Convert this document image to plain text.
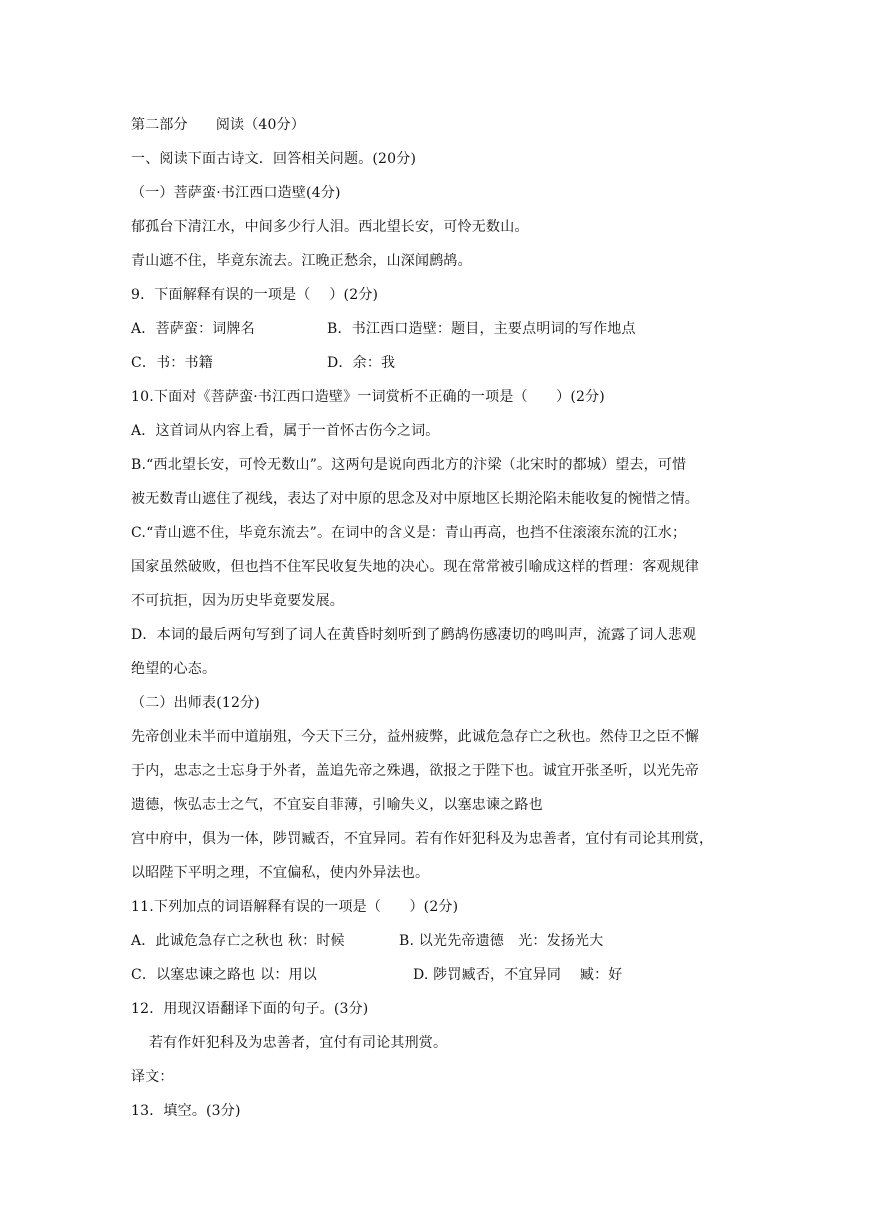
第二部分 阅读（40分）
一、阅读下面古诗文．回答相关问题。(20分)
（一）菩萨蛮·书江西口造壁(4分)
郁孤台下清江水，中间多少行人泪。西北望长安，可怜无数山。
青山遮不住，毕竟东流去。江晚正愁余，山深闻鹧鸪。
9．下面解释有误的一项是（　 ）(2分)
A．菩萨蛮：词牌名	B．书江西口造壁：题目，主要点明词的写作地点
C．书：书籍	D．余：我
10.下面对《菩萨蛮·书江西口造壁》一词赏析不正确的一项是（　　）(2分)
A．这首词从内容上看，属于一首怀古伤今之词。
B.“西北望长安，可怜无数山”。这两句是说向西北方的汴梁（北宋时的都城）望去，可惜
被无数青山遮住了视线，表达了对中原的思念及对中原地区长期沦陷未能收复的惋惜之情。
C.“青山遮不住，毕竟东流去”。在词中的含义是：青山再高，也挡不住滚滚东流的江水；
国家虽然破败，但也挡不住军民收复失地的决心。现在常常被引喻成这样的哲理：客观规律
不可抗拒，因为历史毕竟要发展。
D．本词的最后两句写到了词人在黄昏时刻听到了鹧鸪伤感凄切的鸣叫声，流露了词人悲观
绝望的心态。
（二）出师表(12分)
先帝创业未半而中道崩殂，今天下三分，益州疲弊，此诚危急存亡之秋也。然侍卫之臣不懈
于内，忠志之士忘身于外者，盖追先帝之殊遇，欲报之于陛下也。诚宜开张圣听，以光先帝
遗德，恢弘志士之气，不宜妄自菲薄，引喻失义，以塞忠谏之路也
宫中府中，俱为一体，陟罚臧否，不宜异同。若有作奸犯科及为忠善者，宜付有司论其刑赏，
以昭陛下平明之理，不宜偏私，使内外异法也。
11.下列加点的词语解释有误的一项是（　　）(2分)
A．此诚危急存亡之秋也 秋：时候	B. 以光先帝遗德　光：发扬光大
C．以塞忠谏之路也 以：用以	D. 陟罚臧否，不宜异同　 臧：好
12．用现汉语翻译下面的句子。(3分)
若有作奸犯科及为忠善者，宜付有司论其刑赏。
译文：
13．填空。(3分)
